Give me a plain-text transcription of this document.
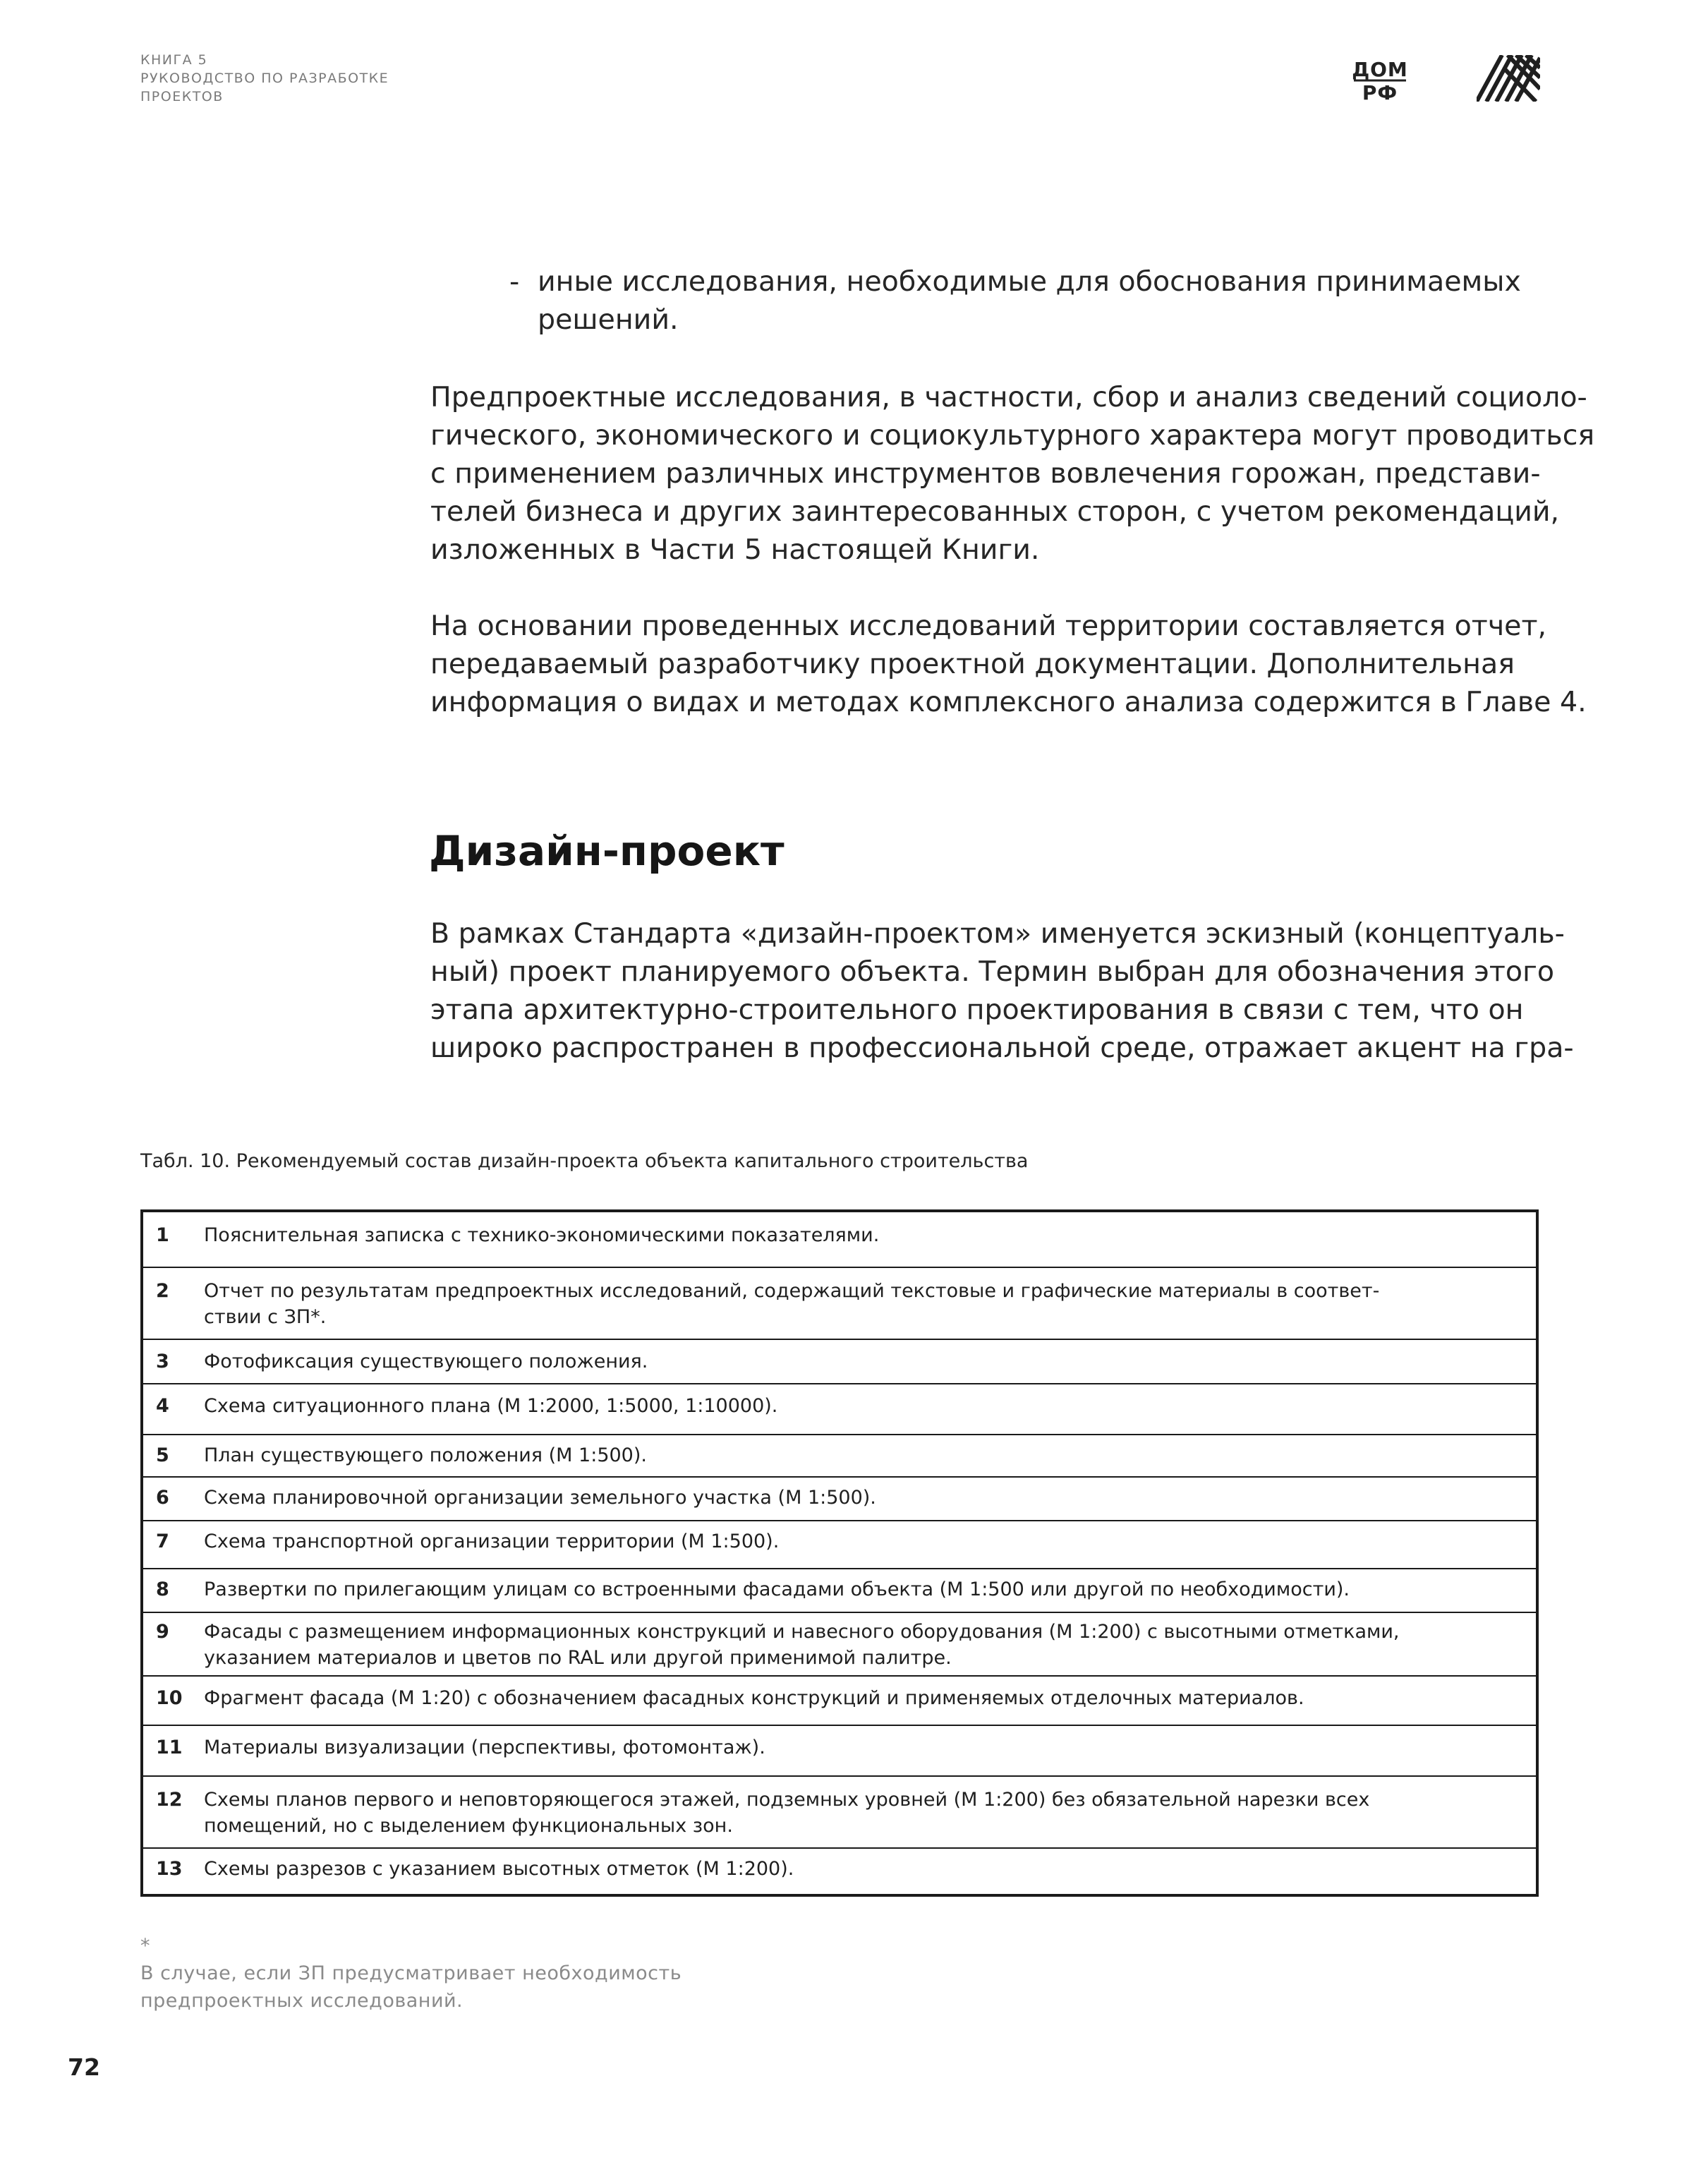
КНИГА 5
РУКОВОДСТВО ПО РАЗРАБОТКЕ
ПРОЕКТОВ
ДОМ
РФ
- иные исследования, необходимые для обоснования принимаемых
решений.
Предпроектные исследования, в частности, сбор и анализ сведений социоло-
гического, экономического и социокультурного характера могут проводиться
с применением различных инструментов вовлечения горожан, представи-
телей бизнеса и других заинтересованных сторон, с учетом рекомендаций,
изложенных в Части 5 настоящей Книги.
На основании проведенных исследований территории составляется отчет,
передаваемый разработчику проектной документации. Дополнительная
информация о видах и методах комплексного анализа содержится в Главе 4.
Дизайн-проект
В рамках Стандарта «дизайн-проектом» именуется эскизный (концептуаль-
ный) проект планируемого объекта. Термин выбран для обозначения этого
этапа архитектурно-строительного проектирования в связи с тем, что он
широко распространен в профессиональной среде, отражает акцент на гра-
Табл. 10. Рекомендуемый состав дизайн-проекта объекта капитального строительства
1	Пояснительная записка с технико-экономическими показателями.
2	Отчет по результатам предпроектных исследований, содержащий текстовые и графические материалы в соответ-
ствии с ЗП*.
3	Фотофиксация существующего положения.
4	Схема ситуационного плана (М 1:2000, 1:5000, 1:10000).
5	План существующего положения (М 1:500).
6	Схема планировочной организации земельного участка (М 1:500).
7	Схема транспортной организации территории (М 1:500).
8	Развертки по прилегающим улицам со встроенными фасадами объекта (М 1:500 или другой по необходимости).
9	Фасады с размещением информационных конструкций и навесного оборудования (М 1:200) с высотными отметками,
указанием материалов и цветов по RAL или другой применимой палитре.
10	Фрагмент фасада (М 1:20) с обозначением фасадных конструкций и применяемых отделочных материалов.
11	Материалы визуализации (перспективы, фотомонтаж).
12	Схемы планов первого и неповторяющегося этажей, подземных уровней (М 1:200) без обязательной нарезки всех
помещений, но с выделением функциональных зон.
13	Схемы разрезов с указанием высотных отметок (М 1:200).
*
В случае, если ЗП предусматривает необходимость
предпроектных исследований.
72
